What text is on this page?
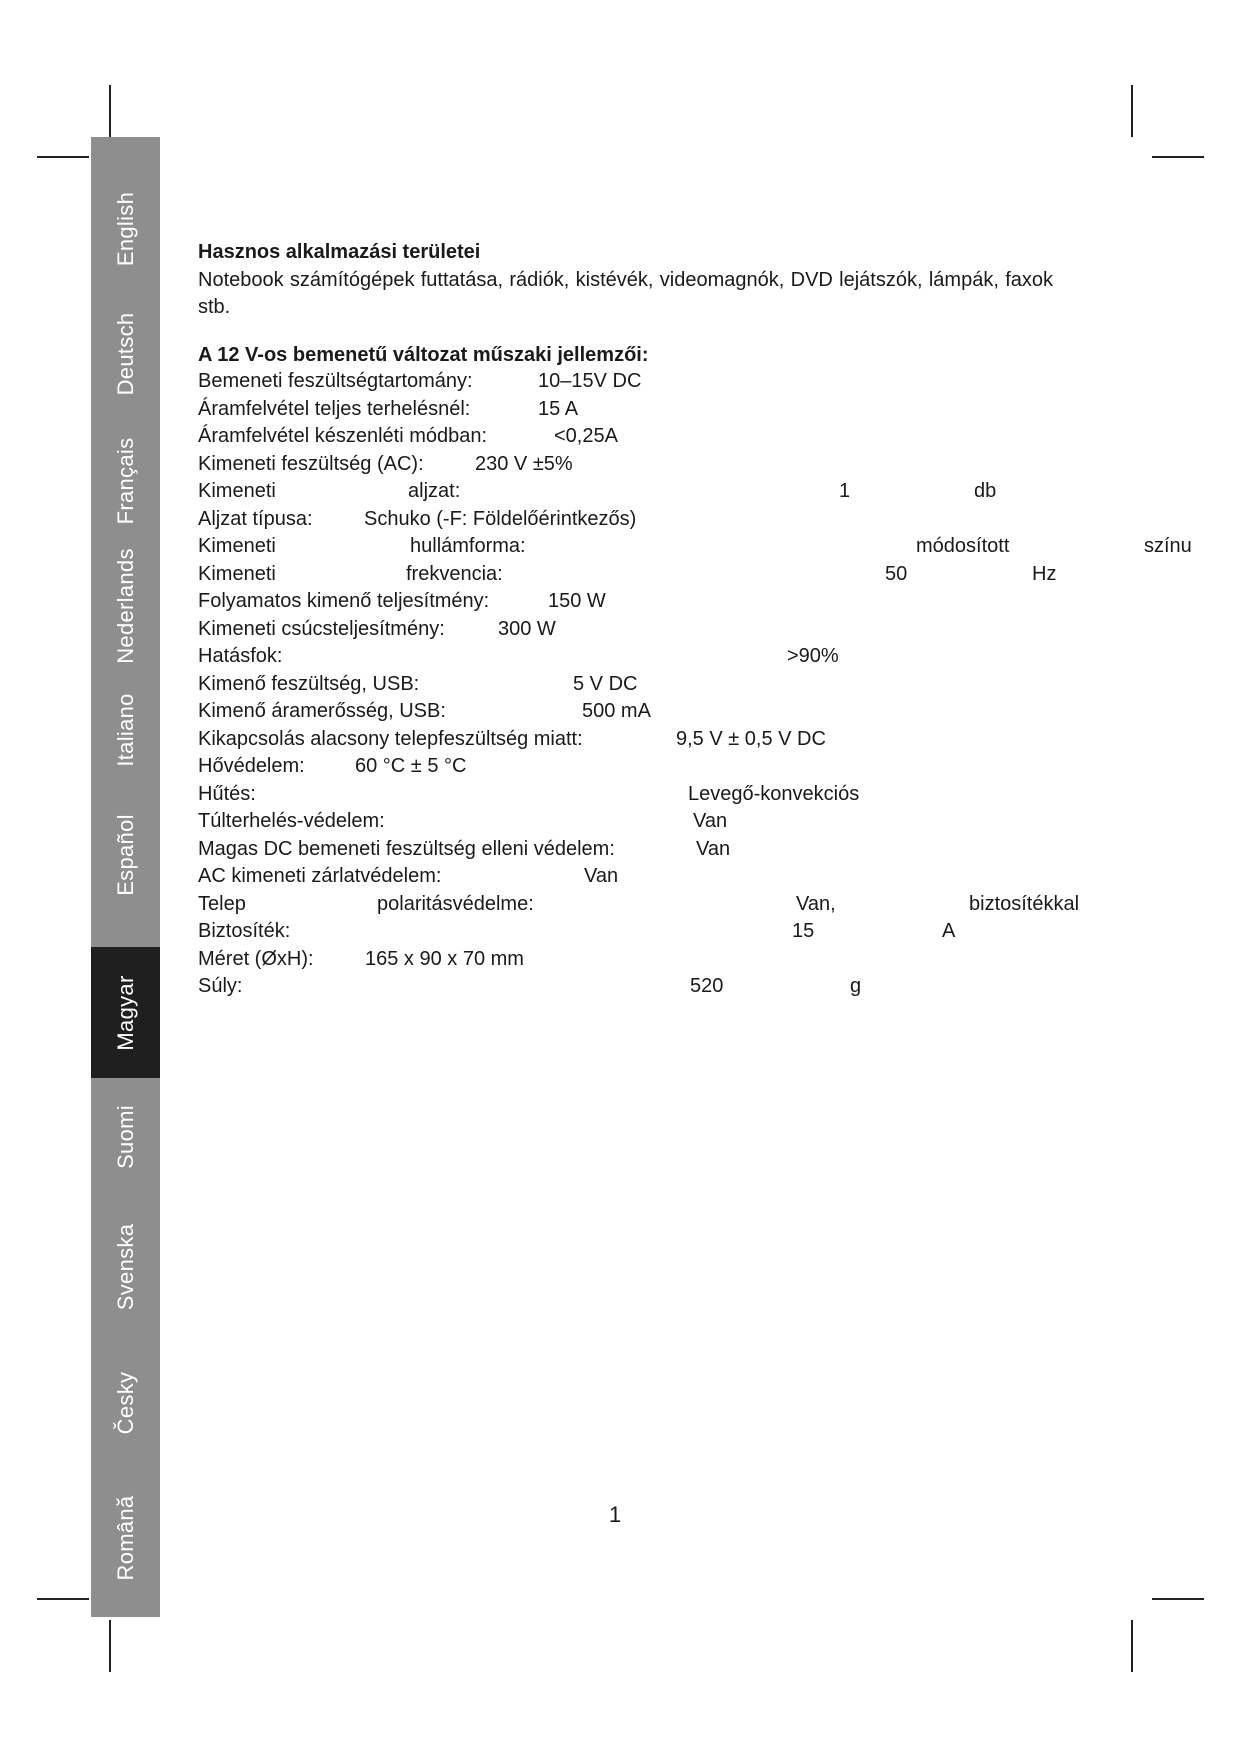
English
Deutsch
Français
Nederlands
Italiano
Español
Magyar
Suomi
Svenska
Česky
Română
Hasznos alkalmazási területei
Notebook számítógépek futtatása, rádiók, kistévék, videomagnók, DVD lejátszók, lámpák, faxok stb.
A 12 V-os bemenetű változat műszaki jellemzői:
Bemeneti feszültségtartomány:	10–15V DC
Áramfelvétel teljes terhelésnél:	15 A
Áramfelvétel készenléti módban:	<0,25A
Kimeneti feszültség (AC):	230 V ±5%
Kimeneti	aljzat:	1	db
Aljzat típusa:	Schuko (-F: Földelőérintkezős)
Kimeneti	hullámforma:	módosított	színu
Kimeneti	frekvencia:	50	Hz
Folyamatos kimenő teljesítmény:	150 W
Kimeneti csúcsteljesítmény:	300 W
Hatásfok:	>90%
Kimenő feszültség, USB:	5 V DC
Kimenő áramerősség, USB:	500 mA
Kikapcsolás alacsony telepfeszültség miatt:	9,5 V ± 0,5 V DC
Hővédelem:	60 °C ± 5 °C
Hűtés:	Levegő-konvekciós
Túlterhelés-védelem:	Van
Magas DC bemeneti feszültség elleni védelem:	Van
AC kimeneti zárlatvédelem:	Van
Telep	polaritásvédelme:	Van,	biztosítékkal
Biztosíték:	15	A
Méret (ØxH):	165 x 90 x 70 mm
Súly:	520	g
1
